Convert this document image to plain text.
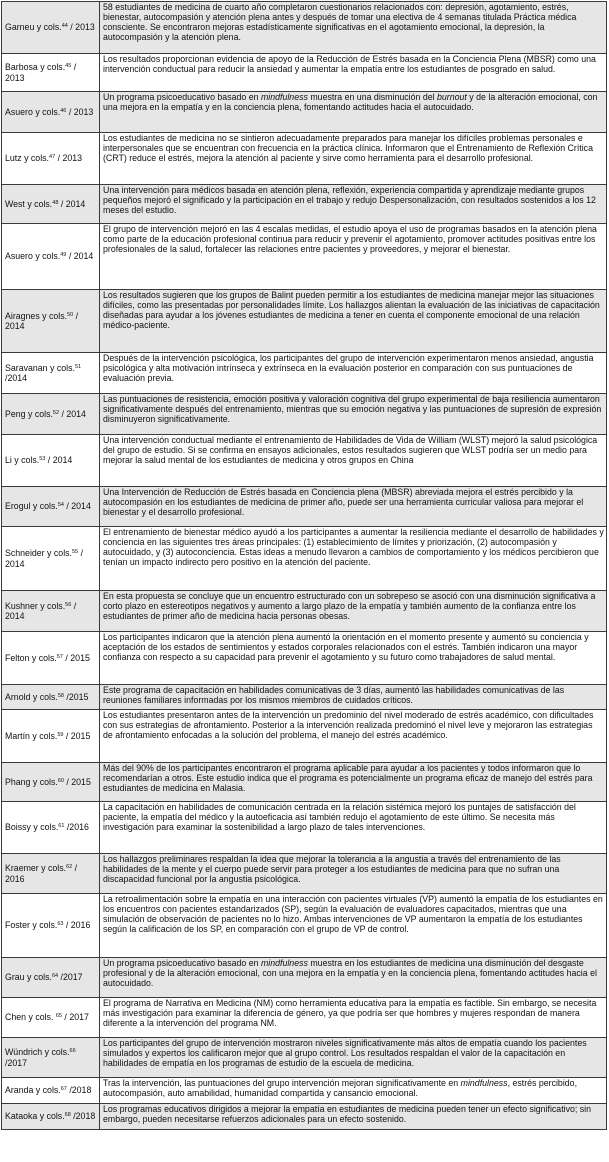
Garneu y cols.$^{44}$ / 2013	58 estudiantes de medicina de cuarto año completaron cuestionarios relacionados con: depresión, agotamiento, estrés, bienestar, autocompasión y atención plena antes y después de tomar una electiva de 4 semanas titulada Práctica médica consciente. Se encontraron mejoras estadísticamente significativas en el agotamiento emocional, la depresión, la autocompasión y la atención plena.
Barbosa y cols.$^{45}$ / 2013	Los resultados proporcionan evidencia de apoyo de la Reducción de Estrés basada en la Conciencia Plena (MBSR) como una intervención conductual para reducir la ansiedad y aumentar la empatía entre los estudiantes de posgrado en salud.
Asuero y cols.$^{46}$ / 2013	Un programa psicoeducativo basado en mindfulness muestra en una disminución del burnout y de la alteración emocional, con una mejora en la empatía y en la conciencia plena, fomentando actitudes hacia el autocuidado.
Lutz y cols.$^{47}$ / 2013	Los estudiantes de medicina no se sintieron adecuadamente preparados para manejar los difíciles problemas personales e interpersonales que se encuentran con frecuencia en la práctica clínica. Informaron que el Entrenamiento de Reflexión Crítica (CRT) reduce el estrés, mejora la atención al paciente y sirve como herramienta para el desarrollo profesional.
West y cols.$^{48}$ / 2014	Una intervención para médicos basada en atención plena, reflexión, experiencia compartida y aprendizaje mediante grupos pequeños mejoró el significado y la participación en el trabajo y redujo Despersonalización, con resultados sostenidos a los 12 meses del estudio.
Asuero y cols.$^{49}$ / 2014	El grupo de intervención mejoró en las 4 escalas medidas, el estudio apoya el uso de programas basados en la atención plena como parte de la educación profesional continua para reducir y prevenir el agotamiento, promover actitudes positivas entre los profesionales de la salud, fortalecer las relaciones entre pacientes y proveedores, y mejorar el bienestar.
Airagnes y cols.$^{50}$ / 2014	Los resultados sugieren que los grupos de Balint pueden permitir a los estudiantes de medicina manejar mejor las situaciones difíciles, como las presentadas por personalidades límite. Los hallazgos alientan la evaluación de las iniciativas de capacitación diseñadas para ayudar a los jóvenes estudiantes de medicina a tener en cuenta el componente emocional de una relación médico-paciente.
Saravanan y cols.$^{51}$ /2014	Después de la intervención psicológica, los participantes del grupo de intervención experimentaron menos ansiedad, angustia psicológica y alta motivación intrínseca y extrínseca en la evaluación posterior en comparación con sus puntuaciones de evaluación previa.
Peng y cols.$^{52}$ / 2014	Las puntuaciones de resistencia, emoción positiva y valoración cognitiva del grupo experimental de baja resiliencia aumentaron significativamente después del entrenamiento, mientras que su emoción negativa y las puntuaciones de supresión de expresión disminuyeron significativamente.
Li y cols.$^{53}$ / 2014	Una intervención conductual mediante el entrenamiento de Habilidades de Vida de William (WLST) mejoró la salud psicológica del grupo de estudio. Si se confirma en ensayos adicionales, estos resultados sugieren que WLST podría ser un medio para mejorar la salud mental de los estudiantes de medicina y otros grupos en China
Erogul y cols.$^{54}$ / 2014	Una Intervención de Reducción de Estrés basada en Conciencia plena (MBSR) abreviada mejora el estrés percibido y la autocompasión en los estudiantes de medicina de primer año, puede ser una herramienta curricular valiosa para mejorar el bienestar y el desarrollo profesional.
Schneider y cols.$^{55}$ / 2014	El entrenamiento de bienestar médico ayudó a los participantes a aumentar la resiliencia mediante el desarrollo de habilidades y conciencia en las siguientes tres áreas principales: (1) establecimiento de límites y priorización, (2) autocompasión y autocuidado, y (3) autoconciencia. Estas ideas a menudo llevaron a cambios de comportamiento y los médicos percibieron que tenían un impacto indirecto pero positivo en la atención del paciente.
Kushner y cols.$^{56}$ / 2014	En esta propuesta se concluye que un encuentro estructurado con un sobrepeso se asoció con una disminución significativa a corto plazo en estereotipos negativos y aumento a largo plazo de la empatía y también aumento de la confianza entre los estudiantes de primer año de medicina hacia personas obesas.
Felton y cols.$^{57}$ / 2015	Los participantes indicaron que la atención plena aumentó la orientación en el momento presente y aumentó su conciencia y aceptación de los estados de sentimientos y estados corporales relacionados con el estrés. También indicaron una mayor confianza con respecto a su capacidad para prevenir el agotamiento y su futuro como trabajadores de salud mental.
Arnold y cols.$^{58}$ /2015	Este programa de capacitación en habilidades comunicativas de 3 días, aumentó las habilidades comunicativas de las reuniones familiares informadas por los mismos miembros de cuidados críticos.
Martín y cols.$^{59}$ / 2015	Los estudiantes presentaron antes de la intervención un predominio del nivel moderado de estrés académico, con dificultades con sus estrategias de afrontamiento. Posterior a la intervención realizada predominó el nivel leve y mejoraron las estrategias de afrontamiento enfocadas a la solución del problema, el manejo del estrés académico.
Phang y cols.$^{60}$ / 2015	Más del 90% de los participantes encontraron el programa aplicable para ayudar a los pacientes y todos informaron que lo recomendarían a otros. Este estudio indica que el programa es potencialmente un programa eficaz de manejo del estrés para estudiantes de medicina en Malasia.
Boissy y cols.$^{61}$ /2016	La capacitación en habilidades de comunicación centrada en la relación sistémica mejoró los puntajes de satisfacción del paciente, la empatía del médico y la autoeficacia así también redujo el agotamiento de este último. Se necesita más investigación para examinar la sostenibilidad a largo plazo de tales intervenciones.
Kraemer y cols.$^{62}$ / 2016	Los hallazgos preliminares respaldan la idea que mejorar la tolerancia a la angustia a través del entrenamiento de las habilidades de la mente y el cuerpo puede servir para proteger a los estudiantes de medicina para que no sufran una discapacidad funcional por la angustia psicológica.
Foster y cols.$^{63}$ / 2016	La retroalimentación sobre la empatía en una interacción con pacientes virtuales (VP) aumentó la empatía de los estudiantes en los encuentros con pacientes estandarizados (SP), según la evaluación de evaluadores capacitados, mientras que una simulación de observación de pacientes no lo hizo. Ambas intervenciones de VP aumentaron la empatía de los estudiantes según la calificación de los SP, en comparación con el grupo de VP de control.
Grau y cols.$^{64}$ /2017	Un programa psicoeducativo basado en mindfulness muestra en los estudiantes de medicina una disminución del desgaste profesional y de la alteración emocional, con una mejora en la empatía y en la conciencia plena, fomentando actitudes hacia el autocuidado.
Chen y cols. $^{65}$ / 2017	El programa de Narrativa en Medicina (NM) como herramienta educativa para la empatía es factible. Sin embargo, se necesita más investigación para examinar la diferencia de género, ya que podría ser que hombres y mujeres respondan de manera diferente a la intervención del programa NM.
Wündrich y cols.$^{66}$ /2017	Los participantes del grupo de intervención mostraron niveles significativamente más altos de empatía cuando los pacientes simulados y expertos los calificaron mejor que al grupo control. Los resultados respaldan el valor de la capacitación en habilidades de empatía en los programas de estudio de la escuela de medicina.
Aranda y cols.$^{67}$ /2018	Tras la intervención, las puntuaciones del grupo intervención mejoran significativamente en mindfulness, estrés percibido, autocompasión, auto amabilidad, humanidad compartida y cansancio emocional.
Kataoka y cols.$^{68}$ /2018	Los programas educativos dirigidos a mejorar la empatía en estudiantes de medicina pueden tener un efecto significativo; sin embargo, pueden necesitarse refuerzos adicionales para un efecto sostenido.
